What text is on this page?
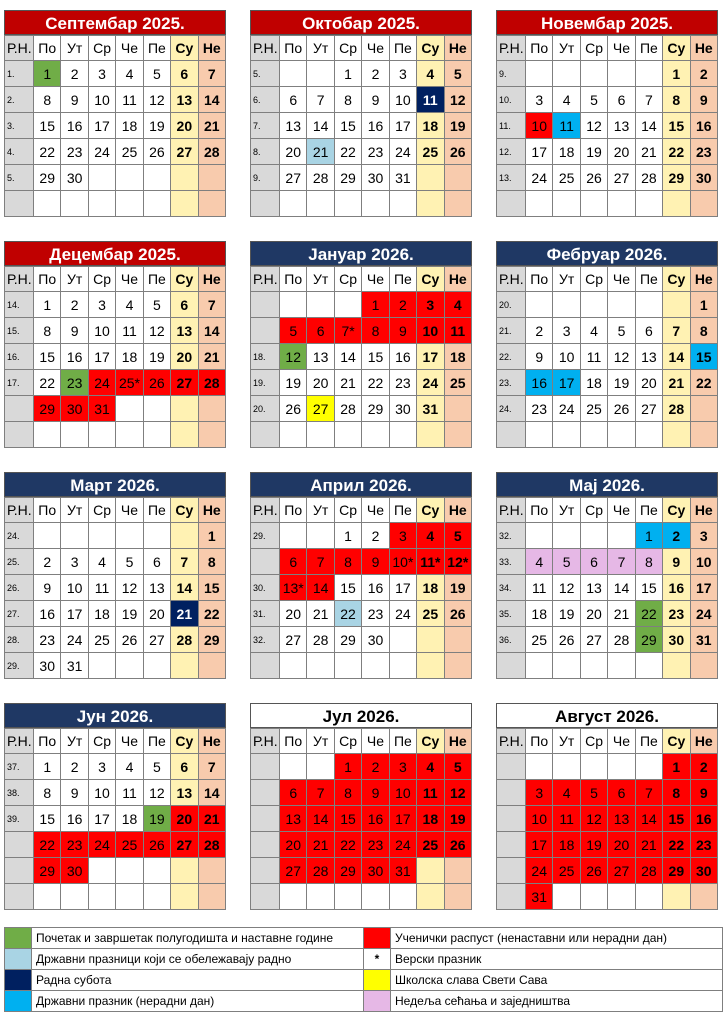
Септембар 2025.
Р.Н.	По	Ут	Ср	Че	Пе	Су	Не
1.	1	2	3	4	5	6	7
2.	8	9	10	11	12	13	14
3.	15	16	17	18	19	20	21
4.	22	23	24	25	26	27	28
5.	29	30					

Октобар 2025.
Р.Н.	По	Ут	Ср	Че	Пе	Су	Не
5.			1	2	3	4	5
6.	6	7	8	9	10	11	12
7.	13	14	15	16	17	18	19
8.	20	21	22	23	24	25	26
9.	27	28	29	30	31		

Новембар 2025.
Р.Н.	По	Ут	Ср	Че	Пе	Су	Не
9.						1	2
10.	3	4	5	6	7	8	9
11.	10	11	12	13	14	15	16
12.	17	18	19	20	21	22	23
13.	24	25	26	27	28	29	30

Децембар 2025.
Р.Н.	По	Ут	Ср	Че	Пе	Су	Не
14.	1	2	3	4	5	6	7
15.	8	9	10	11	12	13	14
16.	15	16	17	18	19	20	21
17.	22	23	24	25*	26	27	28
	29	30	31				

Јануар 2026.
Р.Н.	По	Ут	Ср	Че	Пе	Су	Не
				1	2	3	4
	5	6	7*	8	9	10	11
18.	12	13	14	15	16	17	18
19.	19	20	21	22	23	24	25
20.	26	27	28	29	30	31	

Фебруар 2026.
Р.Н.	По	Ут	Ср	Че	Пе	Су	Не
20.							1
21.	2	3	4	5	6	7	8
22.	9	10	11	12	13	14	15
23.	16	17	18	19	20	21	22
24.	23	24	25	26	27	28	

Март 2026.
Р.Н.	По	Ут	Ср	Че	Пе	Су	Не
24.							1
25.	2	3	4	5	6	7	8
26.	9	10	11	12	13	14	15
27.	16	17	18	19	20	21	22
28.	23	24	25	26	27	28	29
29.	30	31					
Април 2026.
Р.Н.	По	Ут	Ср	Че	Пе	Су	Не
29.			1	2	3	4	5
	6	7	8	9	10*	11*	12*
30.	13*	14	15	16	17	18	19
31.	20	21	22	23	24	25	26
32.	27	28	29	30			

Мај 2026.
Р.Н.	По	Ут	Ср	Че	Пе	Су	Не
32.					1	2	3
33.	4	5	6	7	8	9	10
34.	11	12	13	14	15	16	17
35.	18	19	20	21	22	23	24
36.	25	26	27	28	29	30	31

Јун 2026.
Р.Н.	По	Ут	Ср	Че	Пе	Су	Не
37.	1	2	3	4	5	6	7
38.	8	9	10	11	12	13	14
39.	15	16	17	18	19	20	21
	22	23	24	25	26	27	28
	29	30					

Јул 2026.
Р.Н.	По	Ут	Ср	Че	Пе	Су	Не
			1	2	3	4	5
	6	7	8	9	10	11	12
	13	14	15	16	17	18	19
	20	21	22	23	24	25	26
	27	28	29	30	31		

Август 2026.
Р.Н.	По	Ут	Ср	Че	Пе	Су	Не
						1	2
	3	4	5	6	7	8	9
	10	11	12	13	14	15	16
	17	18	19	20	21	22	23
	24	25	26	27	28	29	30
	31						
	Почетак и завршетак полугодишта и наставне године		Ученички распуст (ненаставни или нерадни дан)
	Државни празници који се обележавају радно	*	Верски празник
	Радна субота		Школска слава Свети Сава
	Државни празник (нерадни дан)		Недеља сећања и заједништва
